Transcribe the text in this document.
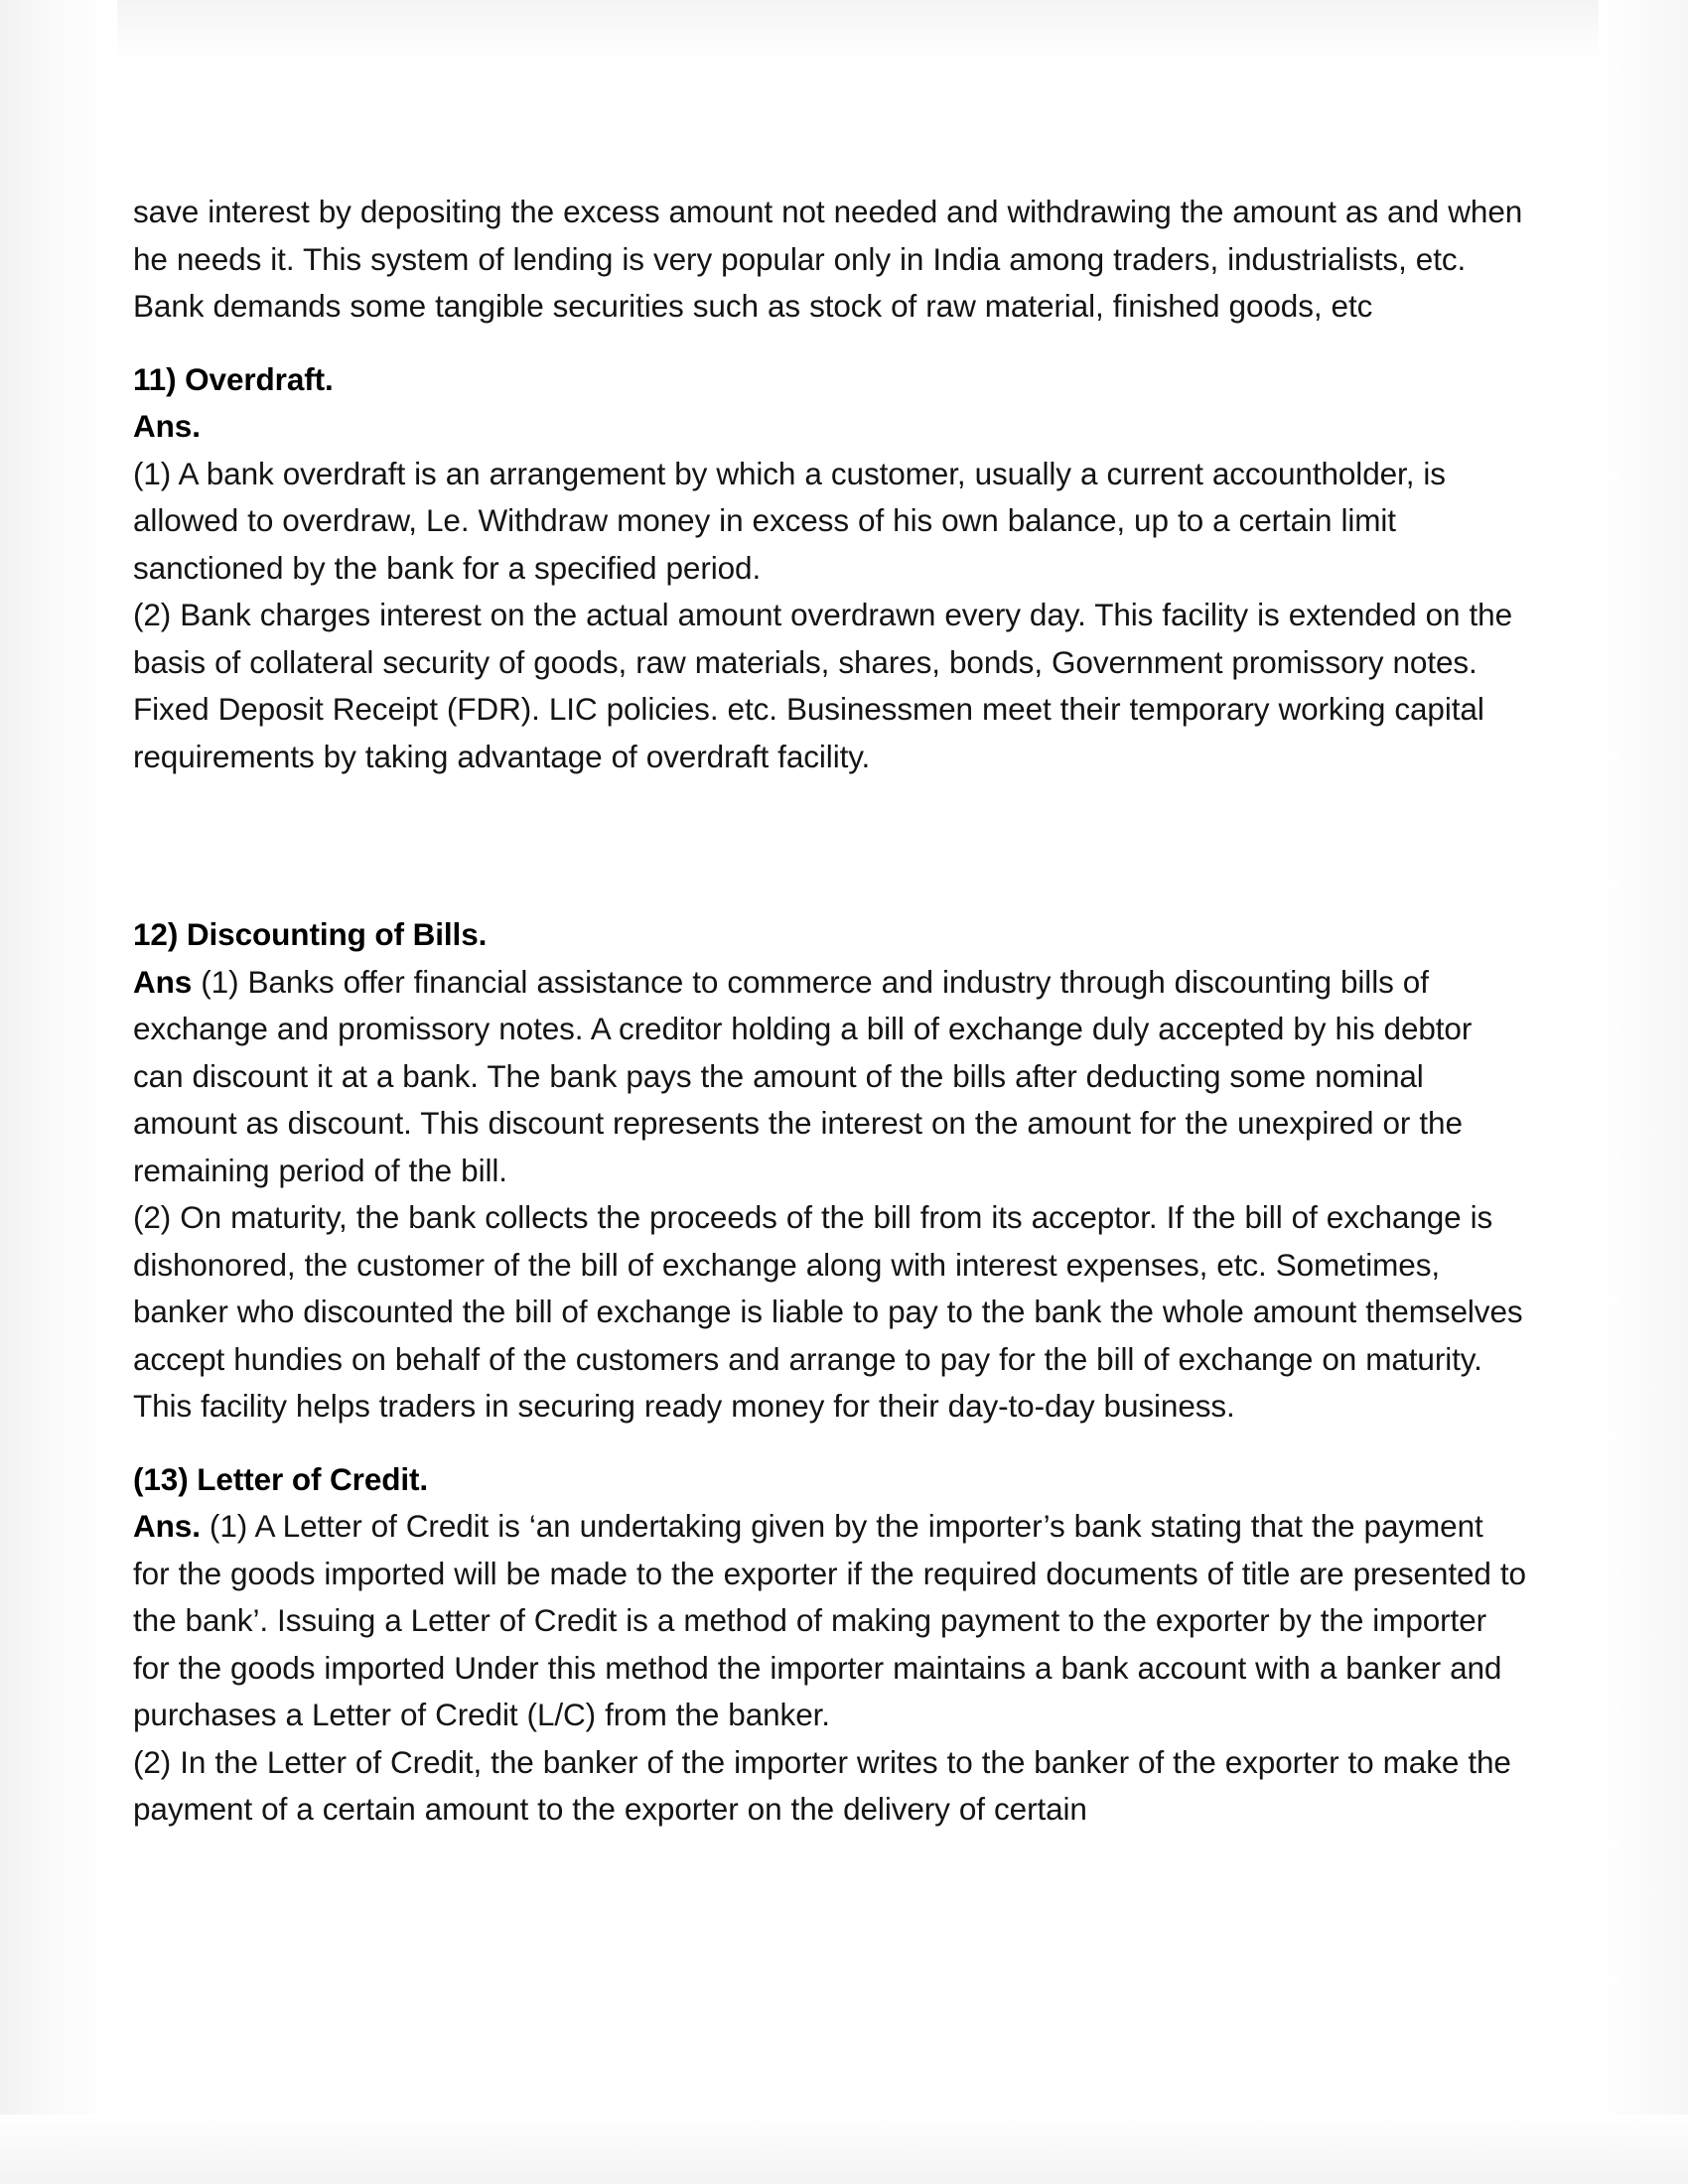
save interest by depositing the excess amount not needed and withdrawing the amount as and when he needs it. This system of lending is very popular only in India among traders, industrialists, etc. Bank demands some tangible securities such as stock of raw material, finished goods, etc

11) Overdraft.
Ans.

(1) A bank overdraft is an arrangement by which a customer, usually a current accountholder, is allowed to overdraw, Le. Withdraw money in excess of his own balance, up to a certain limit sanctioned by the bank for a specified period.

(2) Bank charges interest on the actual amount overdrawn every day. This facility is extended on the basis of collateral security of goods, raw materials, shares, bonds, Government promissory notes. Fixed Deposit Receipt (FDR). LIC policies. etc. Businessmen meet their temporary working capital requirements by taking advantage of overdraft facility.

12) Discounting of Bills.

Ans (1) Banks offer financial assistance to commerce and industry through discounting bills of exchange and promissory notes. A creditor holding a bill of exchange duly accepted by his debtor can discount it at a bank. The bank pays the amount of the bills after deducting some nominal amount as discount. This discount represents the interest on the amount for the unexpired or the remaining period of the bill.

(2) On maturity, the bank collects the proceeds of the bill from its acceptor. If the bill of exchange is dishonored, the customer of the bill of exchange along with interest expenses, etc. Sometimes, banker who discounted the bill of exchange is liable to pay to the bank the whole amount themselves accept hundies on behalf of the customers and arrange to pay for the bill of exchange on maturity. This facility helps traders in securing ready money for their day-to-day business.

(13) Letter of Credit.

Ans. (1) A Letter of Credit is ‘an undertaking given by the importer’s bank stating that the payment for the goods imported will be made to the exporter if the required documents of title are presented to the bank’. Issuing a Letter of Credit is a method of making payment to the exporter by the importer for the goods imported Under this method the importer maintains a bank account with a banker and purchases a Letter of Credit (L/C) from the banker.

(2) In the Letter of Credit, the banker of the importer writes to the banker of the exporter to make the payment of a certain amount to the exporter on the delivery of certain
